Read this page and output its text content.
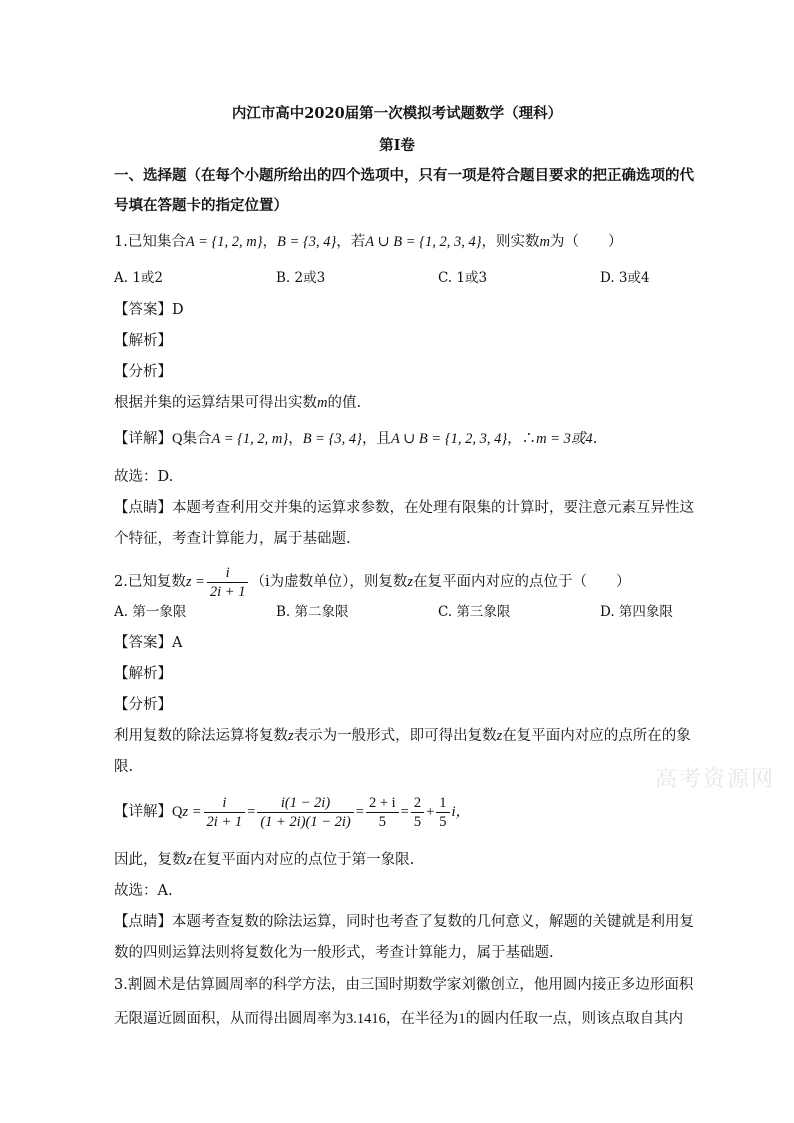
内江市高中2020届第一次模拟考试题数学（理科）
第Ⅰ卷
一、选择题（在每个小题所给出的四个选项中，只有一项是符合题目要求的把正确选项的代
号填在答题卡的指定位置）
1.已知集合A = {1, 2, m}，B = {3, 4}，若A ∪ B = {1, 2, 3, 4}，则实数m为（　　）
A. 1或2	B. 2或3	C. 1或3	D. 3或4
【答案】D
【解析】
【分析】
根据并集的运算结果可得出实数m的值.
【详解】Q集合A = {1, 2, m}，B = {3, 4}，且A ∪ B = {1, 2, 3, 4}，∴m = 3或4.
故选：D.
【点睛】本题考查利用交并集的运算求参数，在处理有限集的计算时，要注意元素互异性这
个特征，考查计算能力，属于基础题.
2.已知复数$z = \frac{i}{2i + 1} (i$为虚数单位），则复数z在复平面内对应的点位于（　　）
A. 第一象限	B. 第二象限	C. 第三象限	D. 第四象限
【答案】A
【解析】
【分析】
利用复数的除法运算将复数z表示为一般形式，即可得出复数z在复平面内对应的点所在的象
限.
【详解】$Qz = \frac{i}{2i + 1} = \frac{i(1 - 2i)}{(1 + 2i)(1 - 2i)} = \frac{2 + i}{5} = \frac{2}{5} + \frac{1}{5}$ i，
因此，复数z在复平面内对应的点位于第一象限.
故选：A.
【点睛】本题考查复数的除法运算，同时也考查了复数的几何意义，解题的关键就是利用复
数的四则运算法则将复数化为一般形式，考查计算能力，属于基础题.
3.割圆术是估算圆周率的科学方法，由三国时期数学家刘徽创立，他用圆内接正多边形面积
无限逼近圆面积，从而得出圆周率为3.1416，在半径为1的圆内任取一点，则该点取自其内
高考资源网
